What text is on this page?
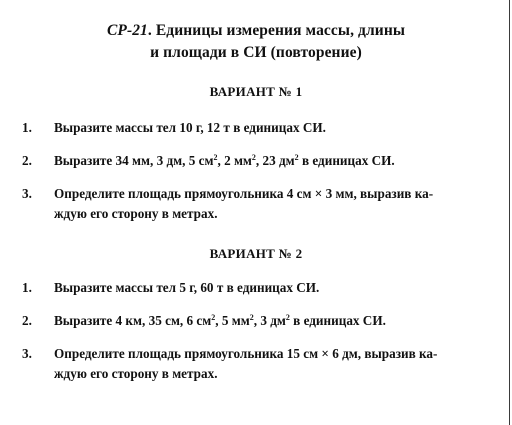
СР-21. Единицы измерения массы, длины
и площади в СИ (повторение)
ВАРИАНТ № 1
1. Выразите массы тел 10 г, 12 т в единицах СИ.
2. Выразите 34 мм, 3 дм, 5 $см^2$, 2 $мм^2$, 23 $дм^2$ в единицах СИ.
3. Определите площадь прямоугольника 4 см × 3 мм, выразив ка-
ждую его сторону в метрах.
ВАРИАНТ № 2
1. Выразите массы тел 5 г, 60 т в единицах СИ.
2. Выразите 4 км, 35 см, 6 $см^2$, 5 $мм^2$, 3 $дм^2$ в единицах СИ.
3. Определите площадь прямоугольника 15 см × 6 дм, выразив ка-
ждую его сторону в метрах.
